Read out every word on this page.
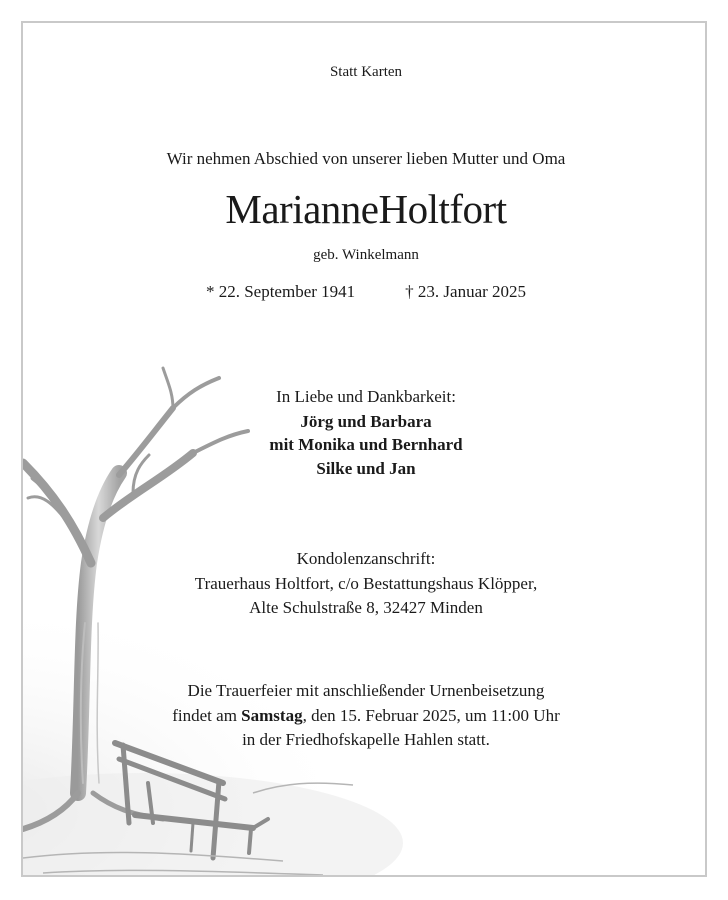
Statt Karten
Wir nehmen Abschied von unserer lieben Mutter und Oma
MarianneHoltfort
geb. Winkelmann
* 22. September 1941	† 23. Januar 2025
In Liebe und Dankbarkeit:
Jörg und Barbara
mit Monika und Bernhard
Silke und Jan
Kondolenzanschrift:
Trauerhaus Holtfort, c/o Bestattungshaus Klöpper,
Alte Schulstraße 8, 32427 Minden
Die Trauerfeier mit anschließender Urnenbeisetzung
findet am Samstag, den 15. Februar 2025, um 11:00 Uhr
in der Friedhofskapelle Hahlen statt.
